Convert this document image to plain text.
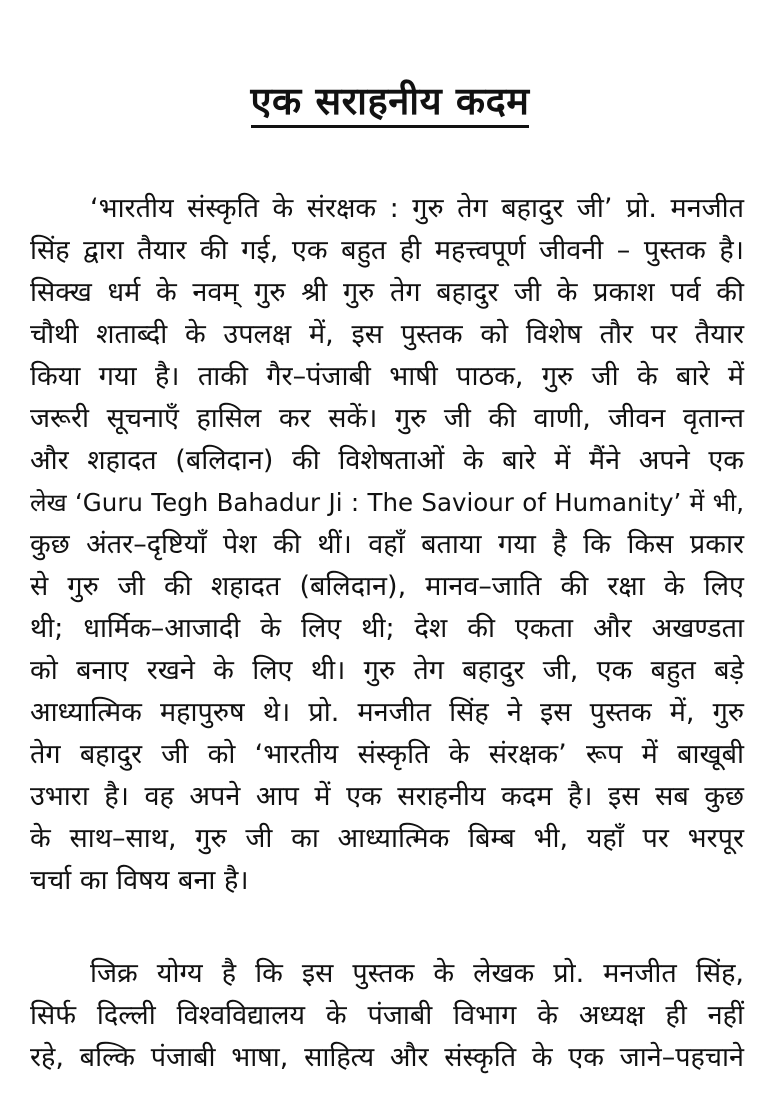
एक सराहनीय कदम
‘भारतीय संस्कृति के संरक्षक : गुरु तेग बहादुर जी’ प्रो. मनजीत
सिंह द्वारा तैयार की गई, एक बहुत ही महत्त्वपूर्ण जीवनी – पुस्तक है।
सिक्ख धर्म के नवम् गुरु श्री गुरु तेग बहादुर जी के प्रकाश पर्व की
चौथी शताब्दी के उपलक्ष में, इस पुस्तक को विशेष तौर पर तैयार
किया गया है। ताकी गैर–पंजाबी भाषी पाठक, गुरु जी के बारे में
जरूरी सूचनाएँ हासिल कर सकें। गुरु जी की वाणी, जीवन वृतान्त
और शहादत (बलिदान) की विशेषताओं के बारे में मैंने अपने एक
लेख ‘Guru Tegh Bahadur Ji : The Saviour of Humanity’ में भी,
कुछ अंतर–दृष्टियाँ पेश की थीं। वहाँ बताया गया है कि किस प्रकार
से गुरु जी की शहादत (बलिदान), मानव–जाति की रक्षा के लिए
थी; धार्मिक–आजादी के लिए थी; देश की एकता और अखण्डता
को बनाए रखने के लिए थी। गुरु तेग बहादुर जी, एक बहुत बड़े
आध्यात्मिक महापुरुष थे। प्रो. मनजीत सिंह ने इस पुस्तक में, गुरु
तेग बहादुर जी को ‘भारतीय संस्कृति के संरक्षक’ रूप में बाखूबी
उभारा है। वह अपने आप में एक सराहनीय कदम है। इस सब कुछ
के साथ–साथ, गुरु जी का आध्यात्मिक बिम्ब भी, यहाँ पर भरपूर
चर्चा का विषय बना है।
जिक्र योग्य है कि इस पुस्तक के लेखक प्रो. मनजीत सिंह,
सिर्फ दिल्ली विश्वविद्यालय के पंजाबी विभाग के अध्यक्ष ही नहीं
रहे, बल्कि पंजाबी भाषा, साहित्य और संस्कृति के एक जाने–पहचाने
